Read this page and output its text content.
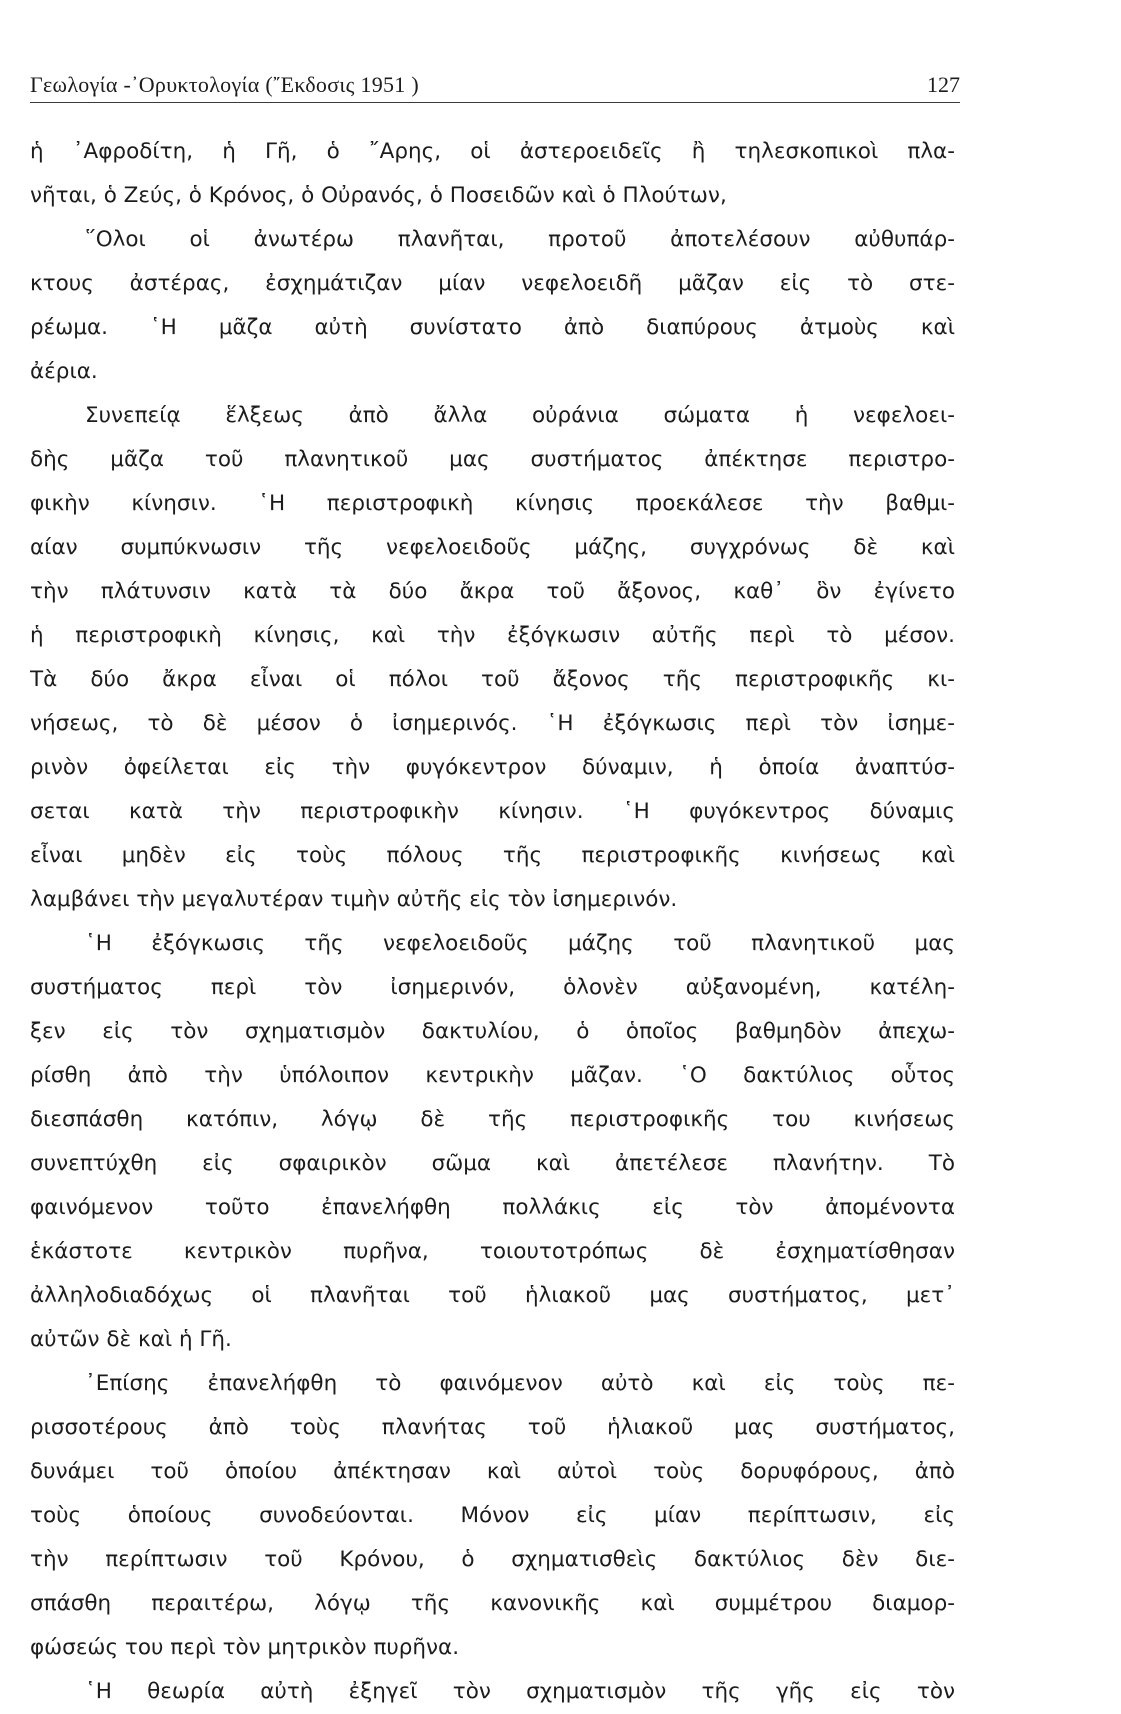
Γεωλογία -᾿Ορυκτολογία (῎Εκδοσις 1951 )	127
ἡ ᾿Αφροδίτη, ἡ Γῆ, ὁ ῎Αρης, οἱ ἀστεροειδεῖς ἢ τηλεσκοπικοὶ πλα-
νῆται, ὁ Ζεύς, ὁ Κρόνος, ὁ Οὐρανός, ὁ Ποσειδῶν καὶ ὁ Πλούτων,
῞Ολοι οἱ ἀνωτέρω πλανῆται, προτοῦ ἀποτελέσουν αὐθυπάρ-
κτους ἀστέρας, ἐσχημάτιζαν μίαν νεφελοειδῆ μᾶζαν εἰς τὸ στε-
ρέωμα. ῾Η μᾶζα αὐτὴ συνίστατο ἀπὸ διαπύρους ἀτμοὺς καὶ
ἀέρια.
Συνεπείᾳ ἕλξεως ἀπὸ ἄλλα οὐράνια σώματα ἡ νεφελοει-
δὴς μᾶζα τοῦ πλανητικοῦ μας συστήματος ἀπέκτησε περιστρο-
φικὴν κίνησιν. ῾Η περιστροφικὴ κίνησις προεκάλεσε τὴν βαθμι-
αίαν συμπύκνωσιν τῆς νεφελοειδοῦς μάζης, συγχρόνως δὲ καὶ
τὴν πλάτυνσιν κατὰ τὰ δύο ἄκρα τοῦ ἄξονος, καθ᾿ ὃν ἐγίνετο
ἡ περιστροφικὴ κίνησις, καὶ τὴν ἐξόγκωσιν αὐτῆς περὶ τὸ μέσον.
Τὰ δύο ἄκρα εἶναι οἱ πόλοι τοῦ ἄξονος τῆς περιστροφικῆς κι-
νήσεως, τὸ δὲ μέσον ὁ ἰσημερινός. ῾Η ἐξόγκωσις περὶ τὸν ἰσημε-
ρινὸν ὀφείλεται εἰς τὴν φυγόκεντρον δύναμιν, ἡ ὁποία ἀναπτύσ-
σεται κατὰ τὴν περιστροφικὴν κίνησιν. ῾Η φυγόκεντρος δύναμις
εἶναι μηδὲν εἰς τοὺς πόλους τῆς περιστροφικῆς κινήσεως καὶ
λαμβάνει τὴν μεγαλυτέραν τιμὴν αὐτῆς εἰς τὸν ἰσημερινόν.
῾Η ἐξόγκωσις τῆς νεφελοειδοῦς μάζης τοῦ πλανητικοῦ μας
συστήματος περὶ τὸν ἰσημερινόν, ὁλονὲν αὐξανομένη, κατέλη-
ξεν εἰς τὸν σχηματισμὸν δακτυλίου, ὁ ὁποῖος βαθμηδὸν ἀπεχω-
ρίσθη ἀπὸ τὴν ὑπόλοιπον κεντρικὴν μᾶζαν. ῾Ο δακτύλιος οὗτος
διεσπάσθη κατόπιν, λόγῳ δὲ τῆς περιστροφικῆς του κινήσεως
συνεπτύχθη εἰς σφαιρικὸν σῶμα καὶ ἀπετέλεσε πλανήτην. Τὸ
φαινόμενον τοῦτο ἐπανελήφθη πολλάκις εἰς τὸν ἀπομένοντα
ἑκάστοτε κεντρικὸν πυρῆνα, τοιουτοτρόπως δὲ ἐσχηματίσθησαν
ἀλληλοδιαδόχως οἱ πλανῆται τοῦ ἡλιακοῦ μας συστήματος, μετ᾿
αὐτῶν δὲ καὶ ἡ Γῆ.
᾿Επίσης ἐπανελήφθη τὸ φαινόμενον αὐτὸ καὶ εἰς τοὺς πε-
ρισσοτέρους ἀπὸ τοὺς πλανήτας τοῦ ἡλιακοῦ μας συστήματος,
δυνάμει τοῦ ὁποίου ἀπέκτησαν καὶ αὐτοὶ τοὺς δορυφόρους, ἀπὸ
τοὺς ὁποίους συνοδεύονται. Μόνον εἰς μίαν περίπτωσιν, εἰς
τὴν περίπτωσιν τοῦ Κρόνου, ὁ σχηματισθεὶς δακτύλιος δὲν διε-
σπάσθη περαιτέρω, λόγῳ τῆς κανονικῆς καὶ συμμέτρου διαμορ-
φώσεώς του περὶ τὸν μητρικὸν πυρῆνα.
῾Η θεωρία αὐτὴ ἐξηγεῖ τὸν σχηματισμὸν τῆς γῆς εἰς τὸν
